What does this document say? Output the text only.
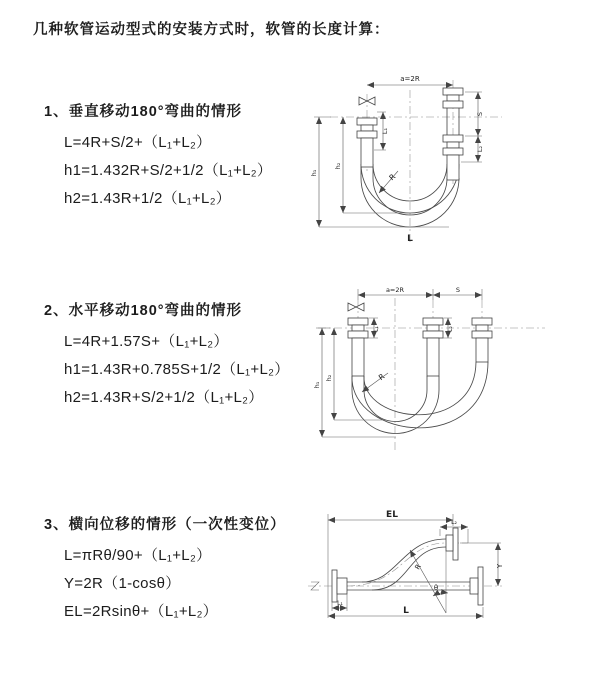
几种软管运动型式的安装方式时，软管的长度计算：
1、垂直移动180°弯曲的情形
L=4R+S/2+（L₁+L₂）
h1=1.432R+S/2+1/2（L₁+L₂）
h2=1.43R+1/2（L₁+L₂）
2、水平移动180°弯曲的情形
L=4R+1.57S+（L₁+L₂）
h1=1.43R+0.785S+1/2（L₁+L₂）
h2=1.43R+S/2+1/2（L₁+L₂）
3、横向位移的情形（一次性变位）
L=πRθ/90+（L₁+L₂）
Y=2R（1-cosθ）
EL=2Rsinθ+（L₁+L₂）
a=2R
L₁
S
L₂
h₁
h₂
R
L
a=2R	S
L₁	L₂
h₁
h₂	R
EL
L₂
Y
R
θ
L₁
L
